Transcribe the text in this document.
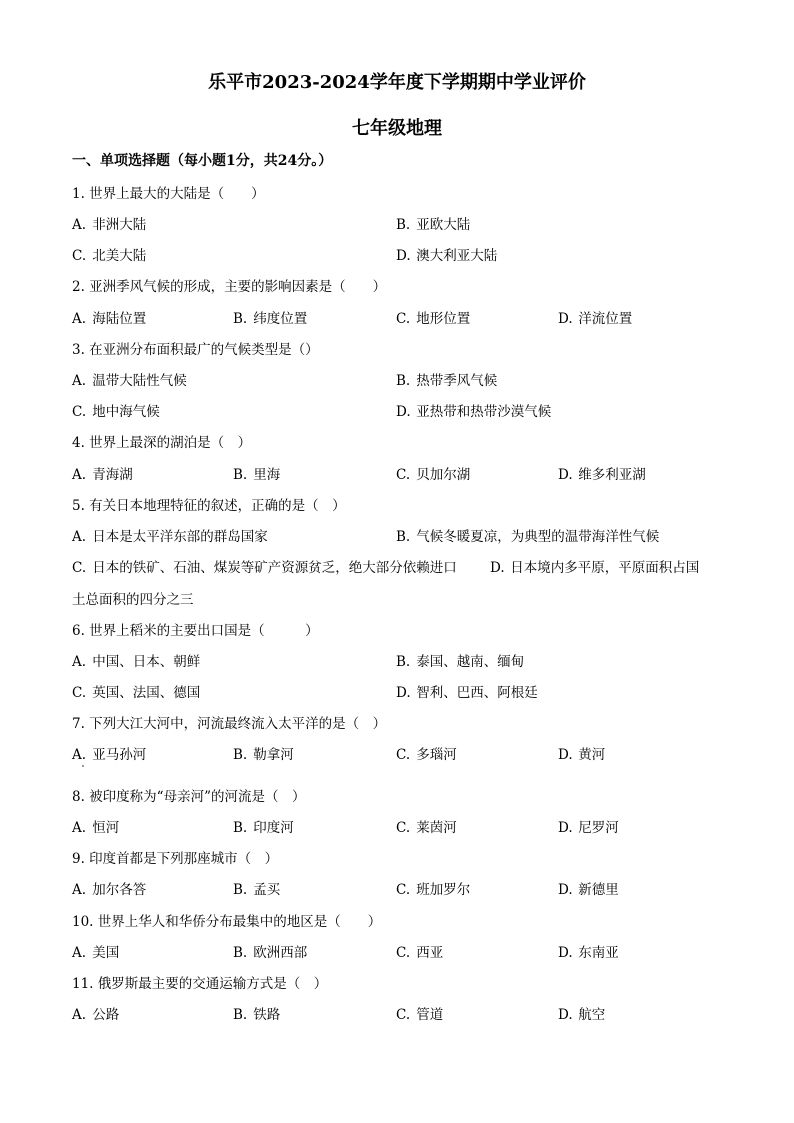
乐平市2023-2024学年度下学期期中学业评价
七年级地理

一、单项选择题（每小题1分，共24分。）

1. 世界上最大的大陆是（　　）

A. 非洲大陆	B. 亚欧大陆

C. 北美大陆	D. 澳大利亚大陆

2. 亚洲季风气候的形成，主要的影响因素是（　　）

A. 海陆位置	B. 纬度位置	C. 地形位置	D. 洋流位置

3. 在亚洲分布面积最广的气候类型是（）

A. 温带大陆性气候	B. 热带季风气候

C. 地中海气候	D. 亚热带和热带沙漠气候

4. 世界上最深的湖泊是（　）

A. 青海湖	B. 里海	C. 贝加尔湖	D. 维多利亚湖

5. 有关日本地理特征的叙述，正确的是（　）

A. 日本是太平洋东部的群岛国家	B. 气候冬暖夏凉，为典型的温带海洋性气候

C. 日本的铁矿、石油、煤炭等矿产资源贫乏，绝大部分依赖进口 D. 日本境内多平原，平原面积占国

土总面积的四分之三

6. 世界上稻米的主要出口国是（　　　）

A. 中国、日本、朝鲜	B. 泰国、越南、缅甸

C. 英国、法国、德国	D. 智利、巴西、阿根廷

7. 下列大江大河中，河流最终流入太平洋的是（　）

A. 亚马孙河	B. 勒拿河	C. 多瑙河	D. 黄河

8. 被印度称为“母亲河”的河流是（　）

A. 恒河	B. 印度河	C. 莱茵河	D. 尼罗河

9. 印度首都是下列那座城市（　）

A. 加尔各答	B. 孟买	C. 班加罗尔	D. 新德里

10. 世界上华人和华侨分布最集中的地区是（　　）

A. 美国	B. 欧洲西部	C. 西亚	D. 东南亚

11. 俄罗斯最主要的交通运输方式是（　）

A. 公路	B. 铁路	C. 管道	D. 航空
